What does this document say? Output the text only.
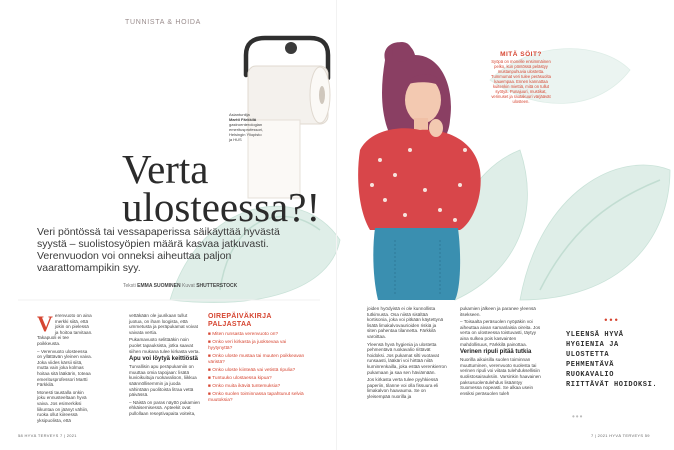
TUNNISTA & HOIDA
Asiantuntija
Martti Färkkilä
gastroenterologian
emeritusprofessori,
Helsingin Yliopisto
ja HUS
Verta
ulosteessa?!
Veri pöntössä tai vessapaperissa säikäyttää hyvästä syystä – suolistosyöpien määrä kasvaa jatkuvasti. Verenvuodon voi onneksi aiheuttaa paljon vaarattomampikin syy.
Teksti EMMA SUOMINEN Kuvat SHUTTERSTOCK
MITÄ SÖIT?
Syöpä on monelle ensimmäinen pelko, kun pöntössä pelästyy mustanpuhuvia ulostetta. Tummumat veri tulee peräsuolta kauempaa. Ennen kannattaa kuitenkin miettiä, mitä on tullut syötyä. Punajuuri, mustikat, verinuset ja rautakuuri värjäävät ulosteen.

Verenvuoto on aina merkki siitä, että jokin on pielessä ja hoitoa tarvitaan. Takapuoli ei tee poikkeusta.

– Verenvuoto ulosteessa on yllättävän yleinen vaiva. Joka viides kärsii siitä, mutta vain joka kolmas hoitaa sitä lääkärin, toteaa emeritusprofessori Martti Färkkilä.

Monesti taustalla onkin joku ennusteeltaan hyvä vaiva. Jos esimerkiksi liikuntaa on jäänyt vähiin, ruoka ollut kiireessä yksipuolista, että

vettäkään ole juurikaan tullut juotua, on iham loogista, että ummetusta ja peräpukamat voivat vaivata vertia.

Pukamavuoto selittääkin noin puolet tapauksista, jotka saavat siihen mukana tulee kirkasta verta.

Apu voi löytyä keittiöstä

Turvallisin apu peräpukamiin on muuttaa omia tapojaan: lisätä kuvioikuituja ruokavalioon, liikkua säännöllisemmin ja juoda vähintään puolitoista litraa vettä päivässä.

– Näistä on paras näyttö pukamien ehkäisemisessä. Apteekit ovat pullollaan reseptivapaita voiteita,

OIREPÄIVÄKIRJA
PALJASTAA

■ Miten runsasta verenvuoto on?

■ Onko veri kirkasta ja juoksevaa vai hyytynyttä?

■ Onko uloste mustaa tai muuten poikkeavan väristä?

■ Onko uloste kiinteää vai vetistä ripulia?

■ Tuntuuko ulostaessa kipua?

■ Onko muita ikäviä tuntemuksia?

■ Onko suolen toiminnassa tapahtunut selviä muutoksia?

joiden hyödyistä ei ole kunnollista tutkimusta. Osa niistä sisältää kortisonia, joka voi pitkään käytettynä lisätä limakalvovaurioiden riskiä ja siten pahentaa tilannetta. Färkkilä varoittaa.

Yleensä hyvä hygienia ja ulostetta pehmentävä ruokavalio riittävät hoidoksi. Jos pukamat silti vuotavat runsaasti, lääkäri voi hirttää niitä kuminrenkailla, joka estää verenkierron pukamaan ja saa sen häviämään.

Jos kirkasta verta tulee pyyhkiessä paperiin, tilanne voi olla fissuura eli limakalvon haavauma. Se on yleisempää nuorilla ja

pukamien jälkeen ja paranee yleensä itsekseen.

– Toisaalta peräsuolen nyöpäkin voi aiheuttaa aivan samanlaisia oireita. Jos verta on ulosteessa toistuvasti, täytyy aina sulkea pois kasvainten mahdollisuus, Färkkilä painottaa.

Verinen ripuli pitää tutkia

Nuorilla aikuisilla suolen toiminnan muuttuminen, verenvuoto suolesta tai verinen ripuli voi viitata tulehduksellisiin suolistosairauksiin. Varsinkin haavainen paksusuolentulehdus lisääntyy Suomessa nopeasti. Se alkaa usein ensiksi peräsuolen tuleh

•••
YLEENSÄ HYVÄ HYGIENIA JA ULOSTETTA PEHMENTÄVÄ RUOKAVALIO RIITTÄVÄT HOIDOKSI.
•••
58 HYVÄ TERVEYS 7 | 2021	7 | 2021 HYVÄ TERVEYS 59
